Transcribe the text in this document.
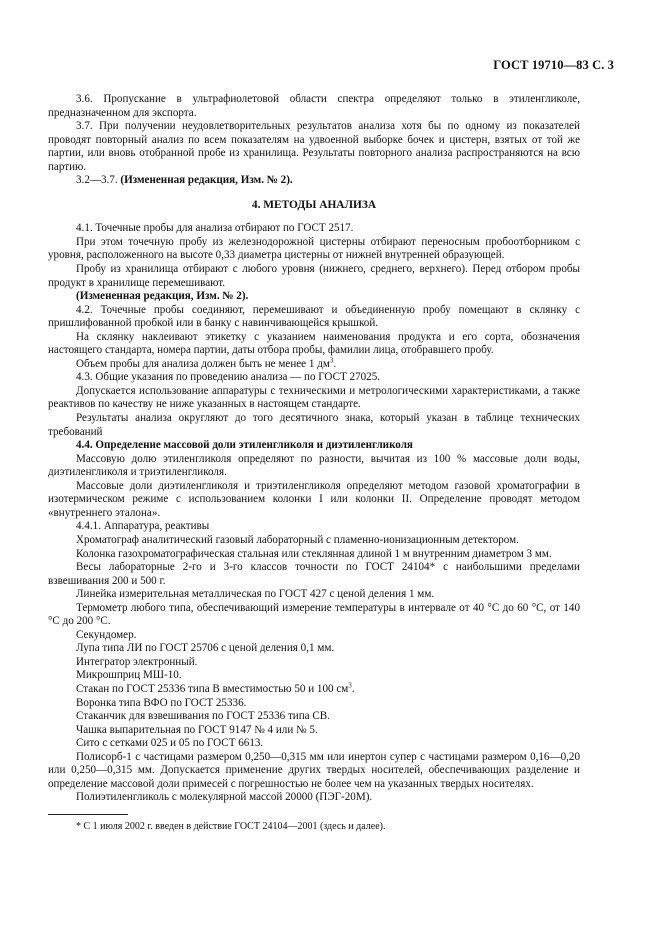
ГОСТ 19710—83 С. 3

3.6. Пропускание в ультрафиолетовой области спектра определяют только в этиленгликоле, предназначенном для экспорта.

3.7. При получении неудовлетворительных результатов анализа хотя бы по одному из показателей проводят повторный анализ по всем показателям на удвоенной выборке бочек и цистерн, взятых от той же партии, или вновь отобранной пробе из хранилища. Результаты повторного анализа распространяются на всю партию.

3.2—3.7. (Измененная редакция, Изм. № 2).

4. МЕТОДЫ АНАЛИЗА

4.1. Точечные пробы для анализа отбирают по ГОСТ 2517.

При этом точечную пробу из железнодорожной цистерны отбирают переносным пробоотборником с уровня, расположенного на высоте 0,33 диаметра цистерны от нижней внутренней образующей.

Пробу из хранилища отбирают с любого уровня (нижнего, среднего, верхнего). Перед отбором пробы продукт в хранилище перемешивают.

(Измененная редакция, Изм. № 2).

4.2. Точечные пробы соединяют, перемешивают и объединенную пробу помещают в склянку с пришлифованной пробкой или в банку с навинчивающейся крышкой.

На склянку наклеивают этикетку с указанием наименования продукта и его сорта, обозначения настоящего стандарта, номера партии, даты отбора пробы, фамилии лица, отобравшего пробу.

Объем пробы для анализа должен быть не менее 1 $дм^3$.

4.3. Общие указания по проведению анализа — по ГОСТ 27025.

Допускается использование аппаратуры с техническими и метрологическими характеристиками, а также реактивов по качеству не ниже указанных в настоящем стандарте.

Результаты анализа округляют до того десятичного знака, который указан в таблице технических требований

4.4. Определение массовой доли этиленгликоля и диэтиленгликоля

Массовую долю этиленгликоля определяют по разности, вычитая из 100 % массовые доли воды, диэтиленгликоля и триэтиленгликоля.

Массовые доли диэтиленгликоля и триэтиленгликоля определяют методом газовой хроматографии в изотермическом режиме с использованием колонки I или колонки II. Определение проводят методом «внутреннего эталона».

4.4.1. Аппаратура, реактивы

Хроматограф аналитический газовый лабораторный с пламенно-ионизационным детектором.

Колонка газохроматографическая стальная или стеклянная длиной 1 м внутренним диаметром 3 мм.

Весы лабораторные 2-го и 3-го классов точности по ГОСТ 24104* с наибольшими пределами взвешивания 200 и 500 г.

Линейка измерительная металлическая по ГОСТ 427 с ценой деления 1 мм.

Термометр любого типа, обеспечивающий измерение температуры в интервале от 40 °С до 60 °С, от 140 °С до 200 °С.

Секундомер.

Лупа типа ЛИ по ГОСТ 25706 с ценой деления 0,1 мм.

Интегратор электронный.

Микрошприц МШ-10.

Стакан по ГОСТ 25336 типа В вместимостью 50 и 100 $см^3$.

Воронка типа ВФО по ГОСТ 25336.

Стаканчик для взвешивания по ГОСТ 25336 типа СВ.

Чашка выпарительная по ГОСТ 9147 № 4 или № 5.

Сито с сетками 025 и 05 по ГОСТ 6613.

Полисорб-1 с частицами размером 0,250—0,315 мм или инертон супер с частицами размером 0,16—0,20 или 0,250—0,315 мм. Допускается применение других твердых носителей, обеспечивающих разделение и определение массовой доли примесей с погрешностью не более чем на указанных твердых носителях.

Полиэтиленгликоль с молекулярной массой 20000 (ПЭГ-20М).

* С 1 июля 2002 г. введен в действие ГОСТ 24104—2001 (здесь и далее).
